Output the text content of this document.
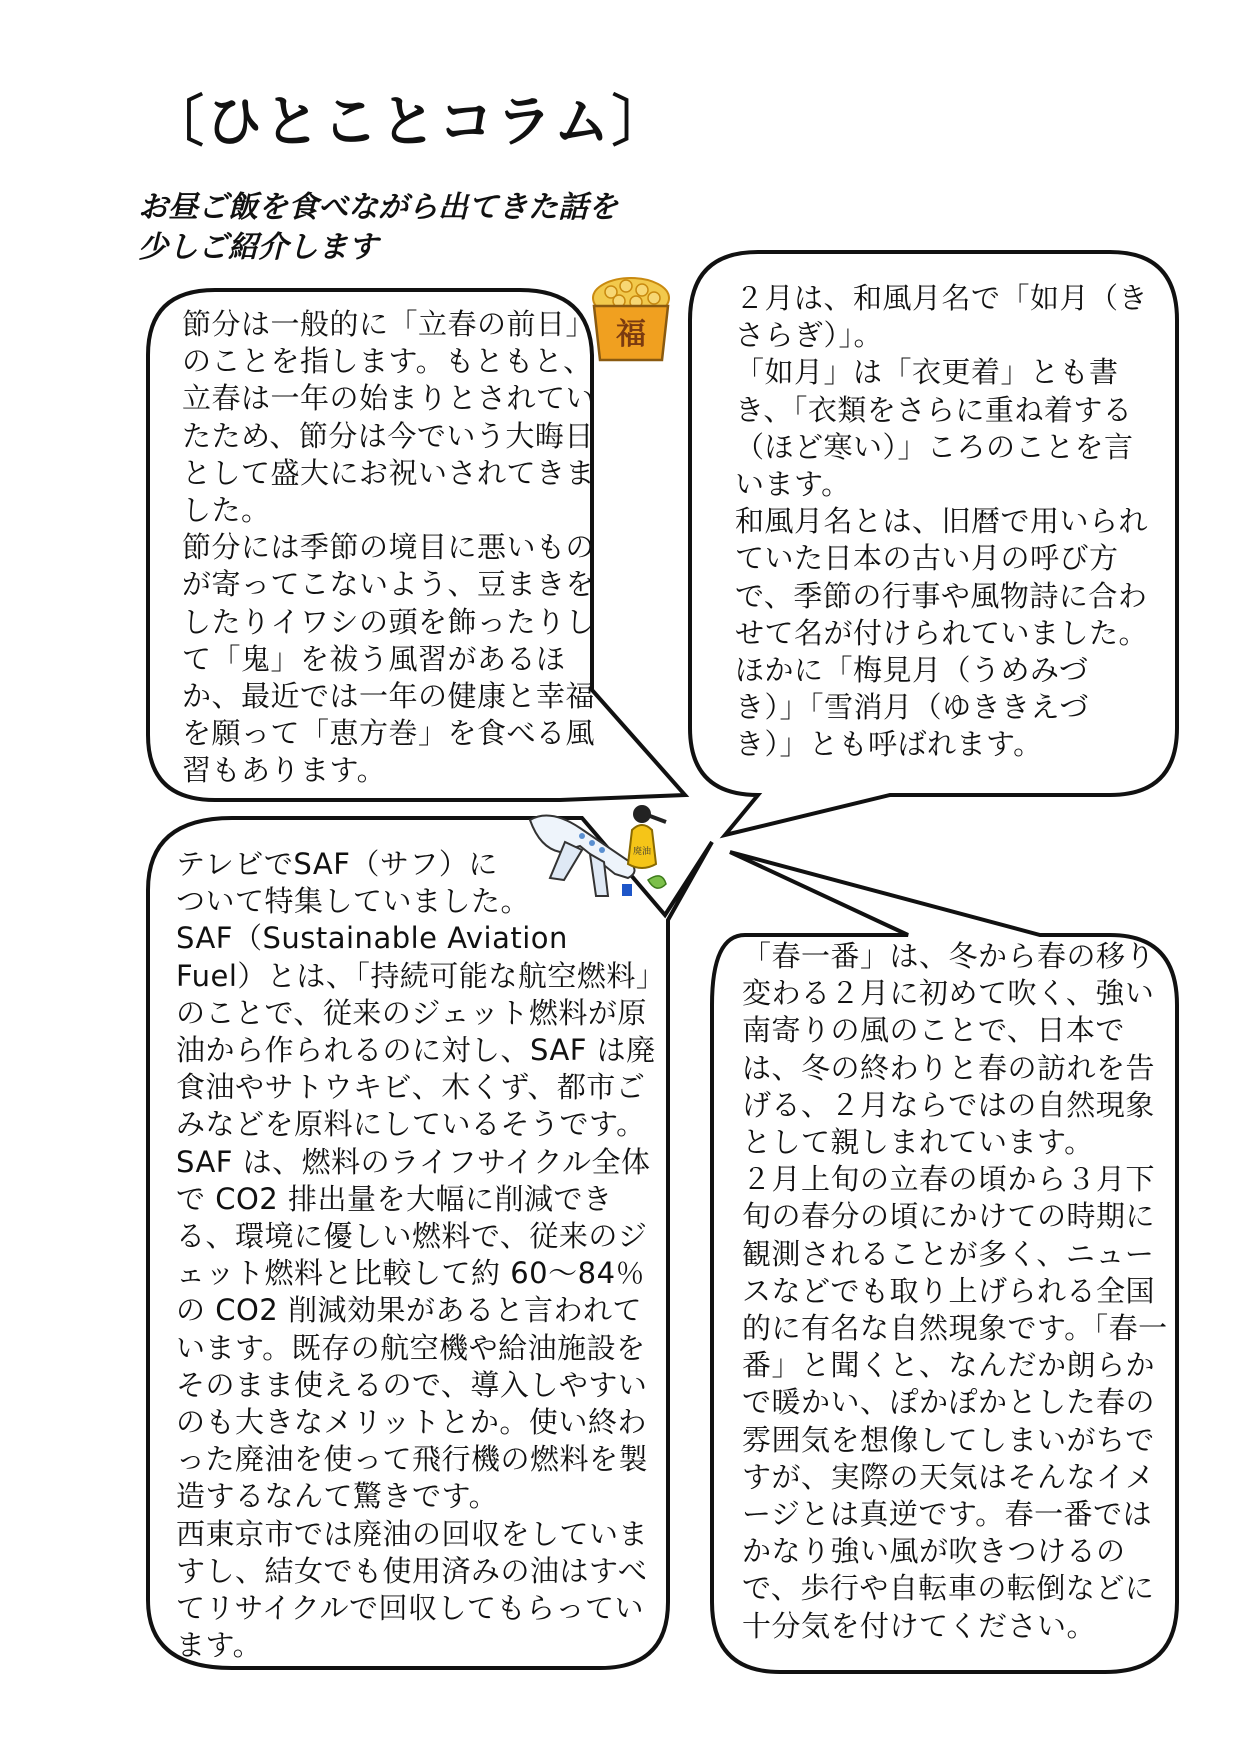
〔ひとことコラム〕
お昼ご飯を食べながら出てきた話を
少しご紹介します
福
廃油
節分は一般的に「立春の前日」
のことを指します。もともと、
立春は一年の始まりとされてい
たため、節分は今でいう大晦日
として盛大にお祝いされてきま
した。
節分には季節の境目に悪いもの
が寄ってこないよう、豆まきを
したりイワシの頭を飾ったりし
て「鬼」を祓う風習があるほ
か、最近では一年の健康と幸福
を願って「恵方巻」を食べる風
習もあります。
２月は、和風月名で「如月（き
さらぎ）」。
「如月」は「衣更着」とも書
き、「衣類をさらに重ね着する
（ほど寒い）」ころのことを言
います。
和風月名とは、旧暦で用いられ
ていた日本の古い月の呼び方
で、季節の行事や風物詩に合わ
せて名が付けられていました。
ほかに「梅見月（うめみづ
き）」「雪消月（ゆききえづ
き）」とも呼ばれます。
テレビでSAF（サフ）に
ついて特集していました。
SAF（Sustainable Aviation
Fuel）とは、「持続可能な航空燃料」
のことで、従来のジェット燃料が原
油から作られるのに対し、SAF は廃
食油やサトウキビ、木くず、都市ご
みなどを原料にしているそうです。
SAF は、燃料のライフサイクル全体
で CO2 排出量を大幅に削減でき
る、環境に優しい燃料で、従来のジ
ェット燃料と比較して約 60～84％
の CO2 削減効果があると言われて
います。既存の航空機や給油施設を
そのまま使えるので、導入しやすい
のも大きなメリットとか。使い終わ
った廃油を使って飛行機の燃料を製
造するなんて驚きです。
西東京市では廃油の回収をしていま
すし、結女でも使用済みの油はすべ
てリサイクルで回収してもらってい
ます。
「春一番」は、冬から春の移り
変わる２月に初めて吹く、強い
南寄りの風のことで、日本で
は、冬の終わりと春の訪れを告
げる、２月ならではの自然現象
として親しまれています。
２月上旬の立春の頃から３月下
旬の春分の頃にかけての時期に
観測されることが多く、ニュー
スなどでも取り上げられる全国
的に有名な自然現象です。「春一
番」と聞くと、なんだか朗らか
で暖かい、ぽかぽかとした春の
雰囲気を想像してしまいがちで
すが、実際の天気はそんなイメ
ージとは真逆です。春一番では
かなり強い風が吹きつけるの
で、歩行や自転車の転倒などに
十分気を付けてください。
